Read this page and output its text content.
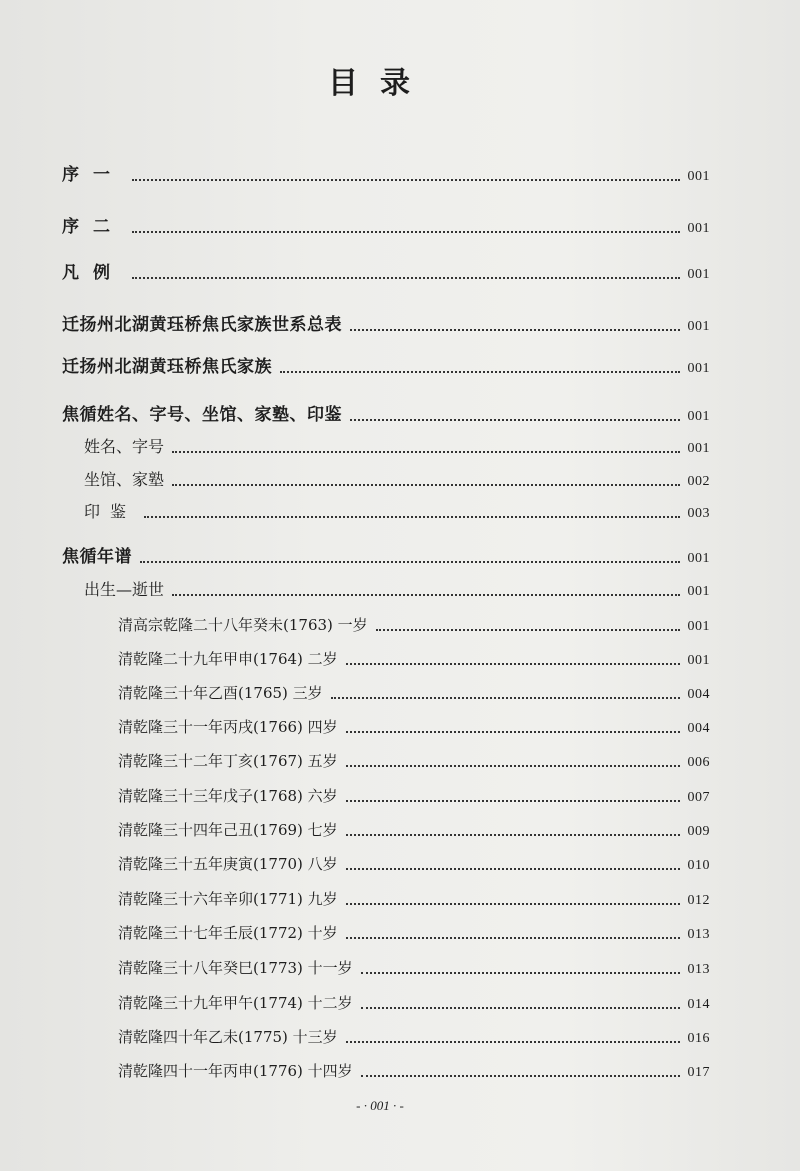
目录
序一	001
序二	001
凡例	001
迁扬州北湖黄珏桥焦氏家族世系总表	001
迁扬州北湖黄珏桥焦氏家族	001
焦循姓名、字号、坐馆、家塾、印鉴	001
姓名、字号	001
坐馆、家塾	002
印鉴	003
焦循年谱	001
出生—逝世	001
清高宗乾隆二十八年癸未(1763) 一岁	001
清乾隆二十九年甲申(1764) 二岁	001
清乾隆三十年乙酉(1765) 三岁	004
清乾隆三十一年丙戌(1766) 四岁	004
清乾隆三十二年丁亥(1767) 五岁	006
清乾隆三十三年戊子(1768) 六岁	007
清乾隆三十四年己丑(1769) 七岁	009
清乾隆三十五年庚寅(1770) 八岁	010
清乾隆三十六年辛卯(1771) 九岁	012
清乾隆三十七年壬辰(1772) 十岁	013
清乾隆三十八年癸巳(1773) 十一岁	013
清乾隆三十九年甲午(1774) 十二岁	014
清乾隆四十年乙未(1775) 十三岁	016
清乾隆四十一年丙申(1776) 十四岁	017
- · 001 · -
